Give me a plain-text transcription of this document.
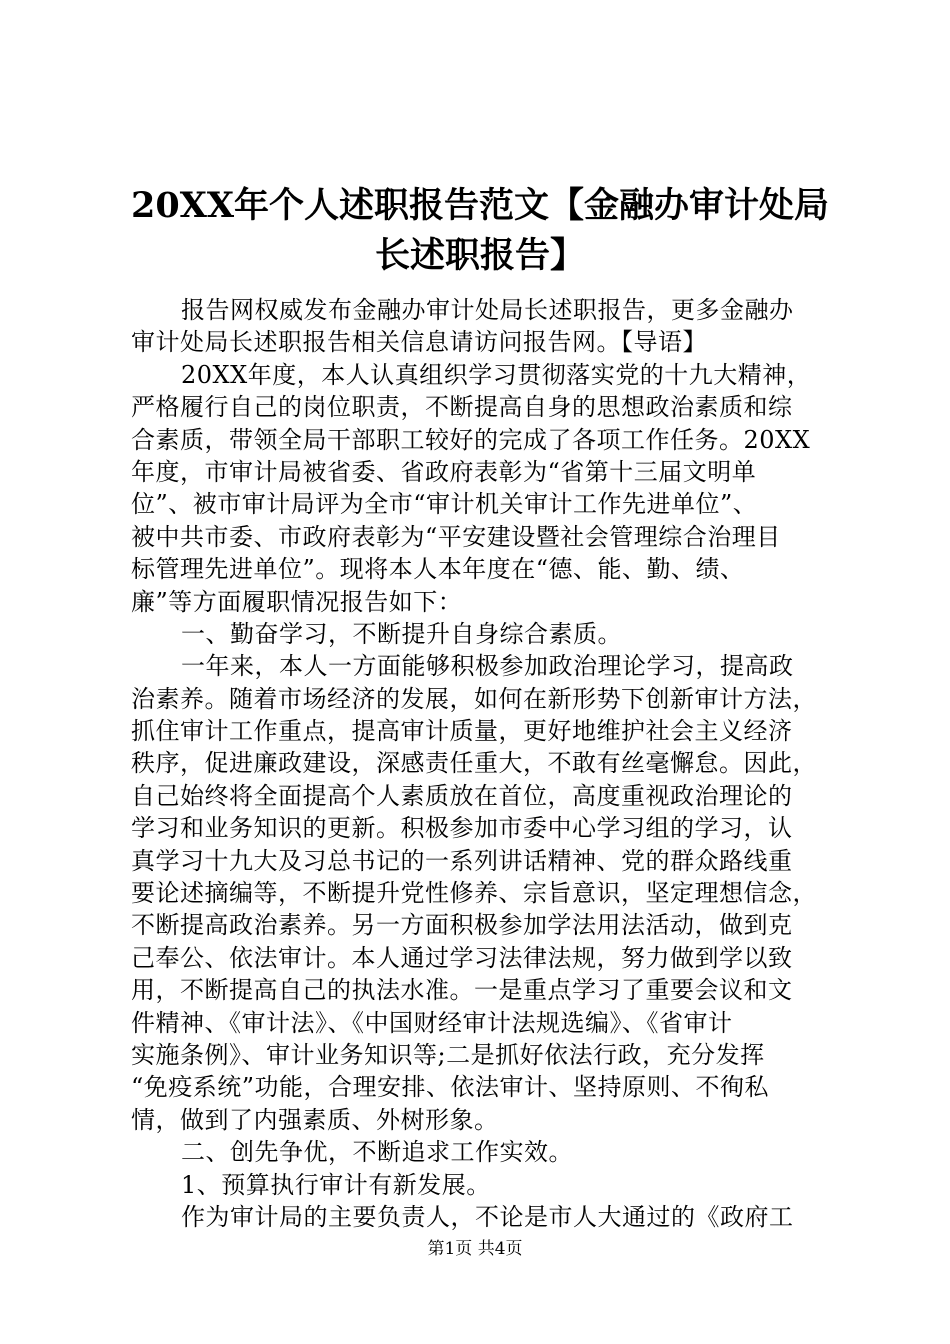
20XX年个人述职报告范文【金融办审计处局
长述职报告】

报告网权威发布金融办审计处局长述职报告，更多金融办

审计处局长述职报告相关信息请访问报告网。【导语】

20XX年度，本人认真组织学习贯彻落实党的十九大精神，

严格履行自己的岗位职责，不断提高自身的思想政治素质和综

合素质，带领全局干部职工较好的完成了各项工作任务。20XX

年度，市审计局被省委、省政府表彰为“省第十三届文明单

位”、被市审计局评为全市“审计机关审计工作先进单位”、

被中共市委、市政府表彰为“平安建设暨社会管理综合治理目

标管理先进单位”。现将本人本年度在“德、能、勤、绩、

廉”等方面履职情况报告如下：

一、勤奋学习，不断提升自身综合素质。

一年来，本人一方面能够积极参加政治理论学习，提高政

治素养。随着市场经济的发展，如何在新形势下创新审计方法，

抓住审计工作重点，提高审计质量，更好地维护社会主义经济

秩序，促进廉政建设，深感责任重大，不敢有丝毫懈怠。因此，

自己始终将全面提高个人素质放在首位，高度重视政治理论的

学习和业务知识的更新。积极参加市委中心学习组的学习，认

真学习十九大及习总书记的一系列讲话精神、党的群众路线重

要论述摘编等，不断提升党性修养、宗旨意识，坚定理想信念，

不断提高政治素养。另一方面积极参加学法用法活动，做到克

己奉公、依法审计。本人通过学习法律法规，努力做到学以致

用，不断提高自己的执法水准。一是重点学习了重要会议和文

件精神、《审计法》、《中国财经审计法规选编》、《省审计

实施条例》、审计业务知识等;二是抓好依法行政，充分发挥

“免疫系统”功能，合理安排、依法审计、坚持原则、不徇私

情，做到了内强素质、外树形象。

二、创先争优，不断追求工作实效。

1、预算执行审计有新发展。

作为审计局的主要负责人，不论是市人大通过的《政府工

第1页 共4页
